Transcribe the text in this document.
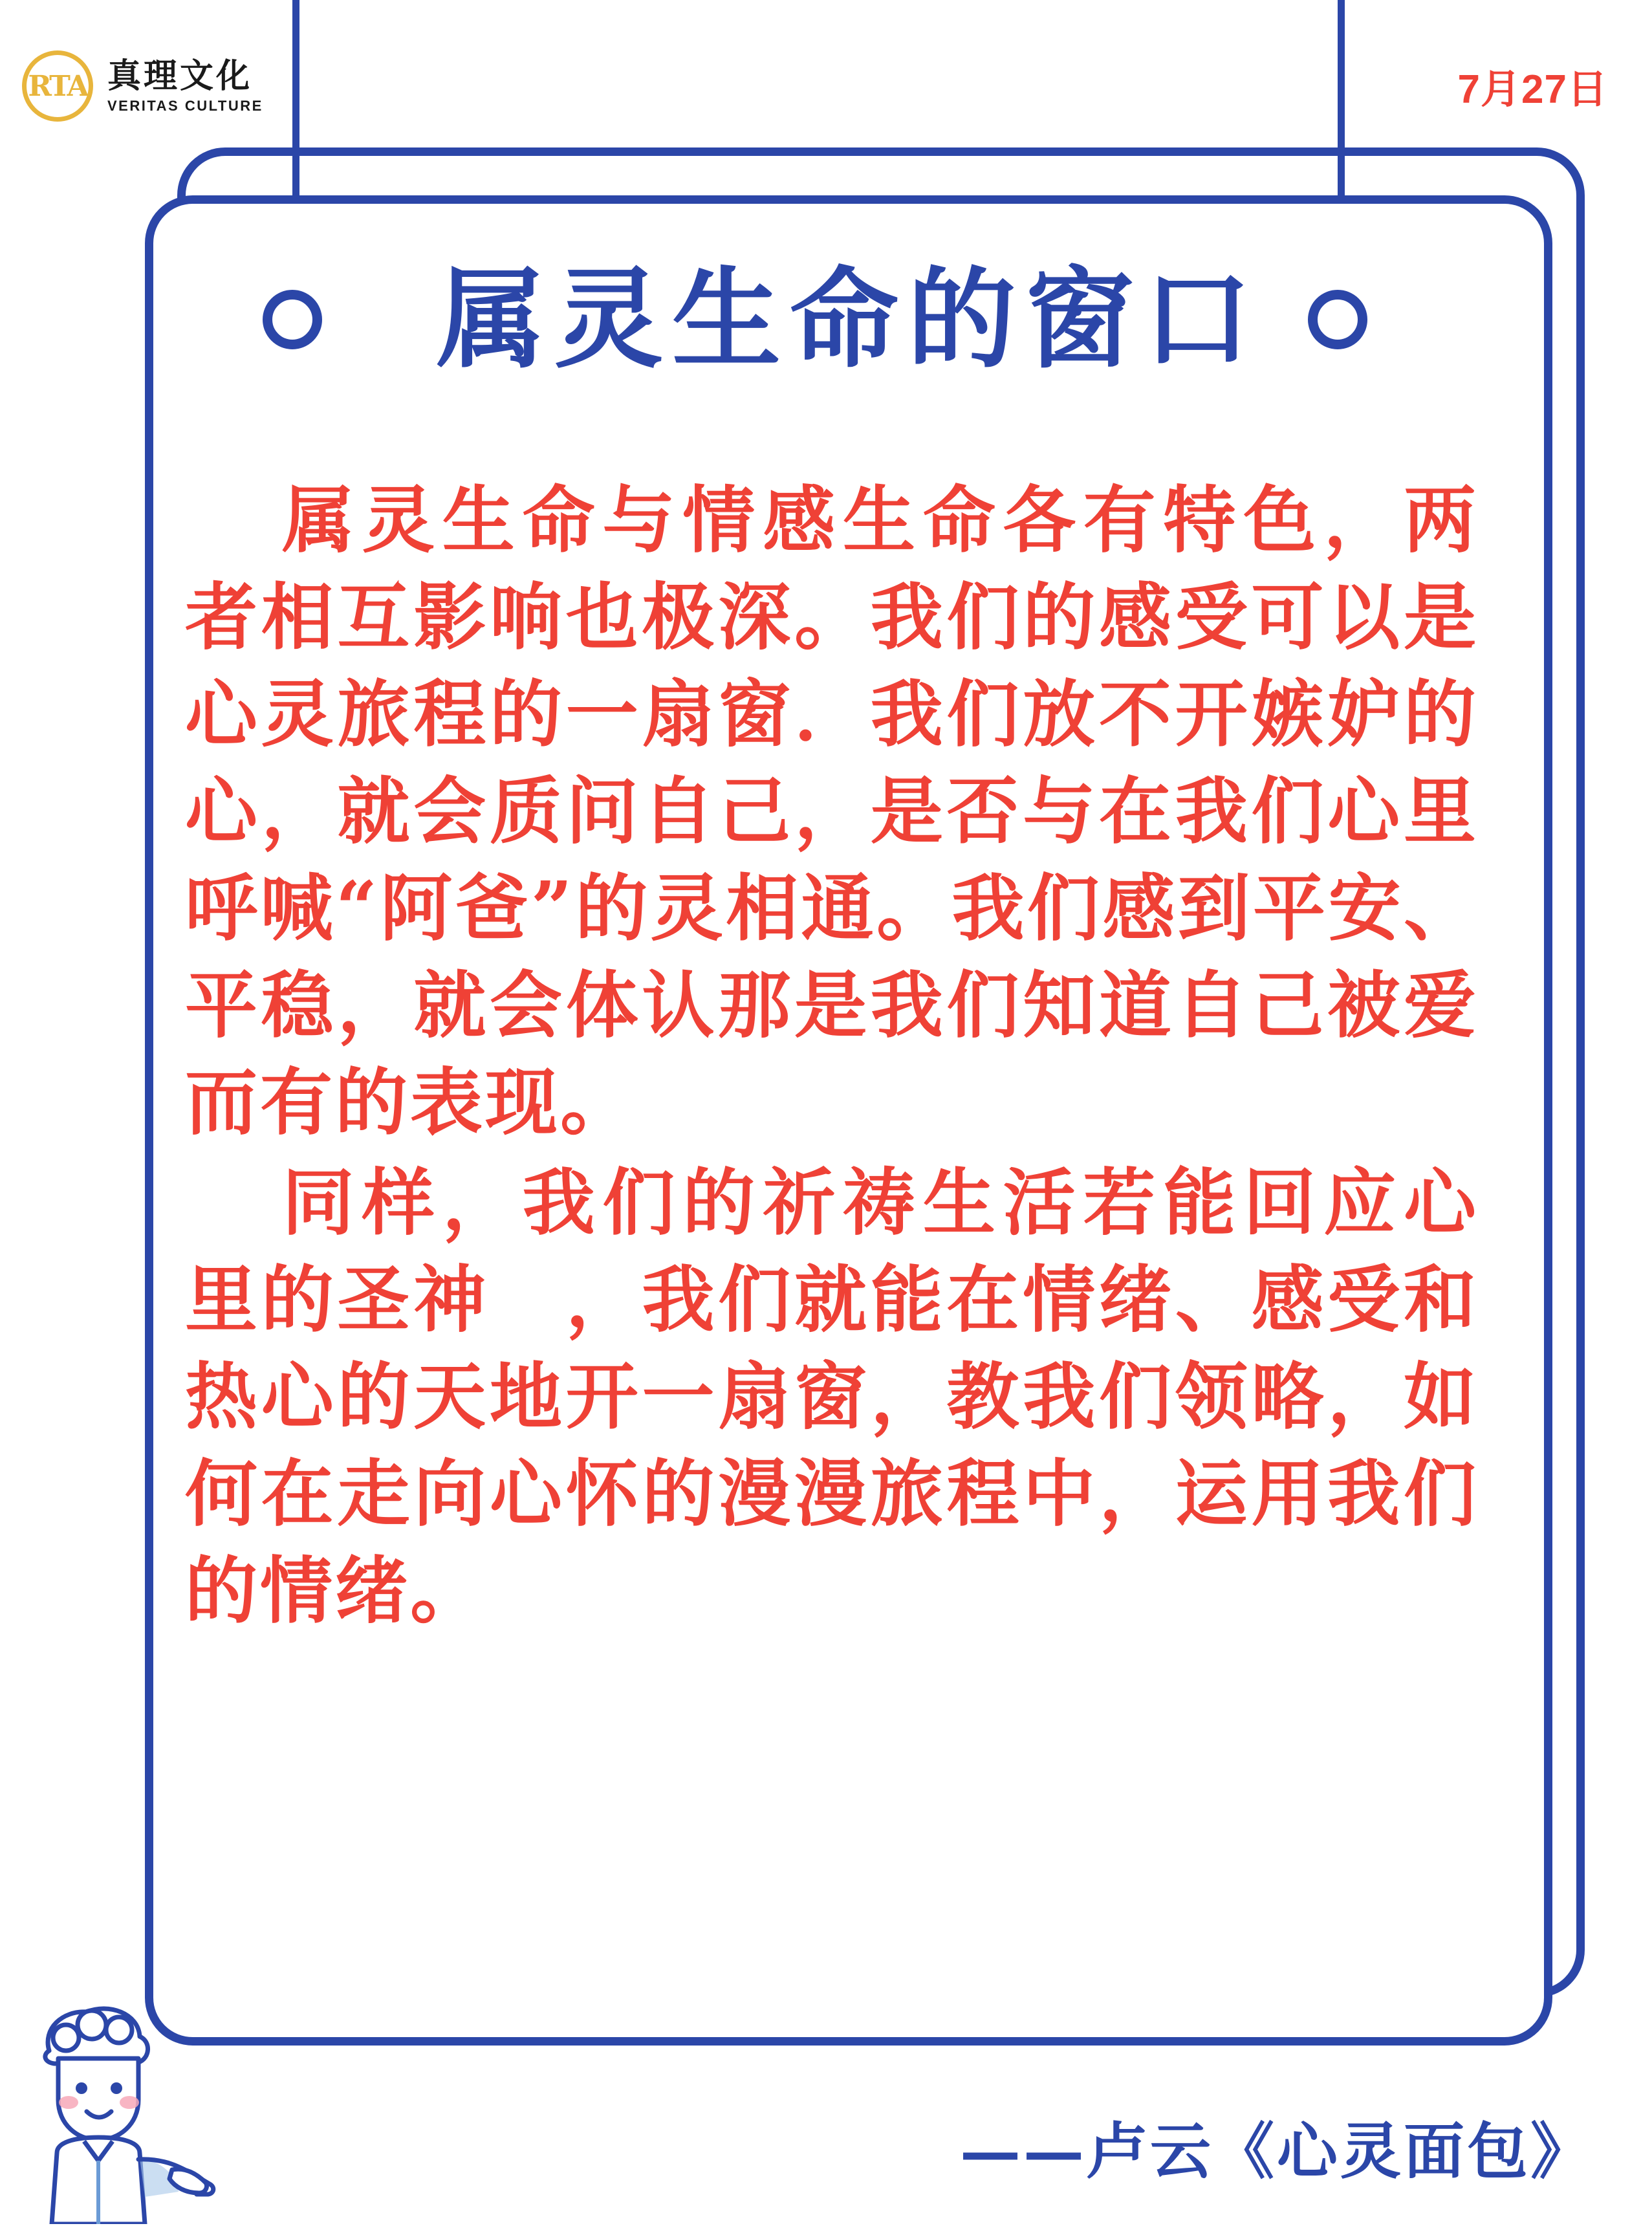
RTA 真理文化
VERITAS CULTURE	7月27日
属灵生命的窗口

属灵生命与情感生命各有特色，两者相互影响也极深。我们的感受可以是心灵旅程的一扇窗．我们放不开嫉妒的心，就会质问自己，是否与在我们心里呼喊“阿爸”的灵相通。我们感到平安、平稳，就会体认那是我们知道自己被爱而有的表现。

同样，我们的祈祷生活若能回应心里的圣神　，我们就能在情绪、感受和热心的天地开一扇窗，教我们领略，如何在走向心怀的漫漫旅程中，运用我们的情绪。

——卢云《心灵面包》
